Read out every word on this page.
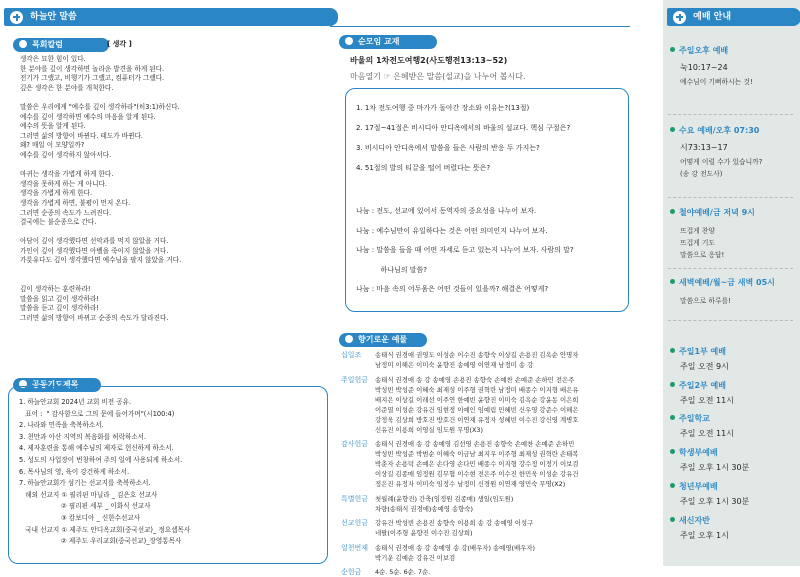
하늘안 말씀
목회칼럼	[ 생각 ]
생각은 묘한 힘이 있다.
한 분야를 깊이 생각하면 놀라운 발견을 하게 된다.
전기가 그랬고, 비행기가 그랬고, 컴퓨터가 그랬다.
깊은 생각은 한 분야를 개척한다.
말씀은 우리에게 "예수를 깊이 생각하라"(히3:1)하신다.
예수를 깊이 생각하면 예수의 마음을 알게 된다.
예수의 뜻을 알게 된다.
그러면 삶의 방향이 바뀐다. 태도가 바뀐다.
왜? 매일 이 모양일까?
예수를 깊이 생각하지 않아서다.
마귀는 생각을 가볍게 하게 한다.
생각을 못하게 하는 게 아니다.
생각을 가볍게 하게 한다.
생각을 가볍게 하면, 불평이 먼저 온다.
그러면 순종의 속도가 느려진다.
결국에는 불순종으로 간다.
아담이 깊이 생각했다면 선악과를 먹지 않았을 거다.
가인이 깊이 생각했다면 아벨을 죽이지 않았을 거다.
가룟유다도 깊이 생각했다면 예수님을 팔지 않았을 거다.
깊이 생각하는 훈련하라!
말씀을 읽고 깊이 생각하라!
말씀을 듣고 깊이 생각하라!
그러면 삶의 방향이 바뀌고 순종의 속도가 달라진다.
공동기도제목
1. 하늘안교회 2024년 교회 비전 공유.
표어 :  " 감사함으로 그의 문에 들어가며"(시100:4)
2. 나라와 민족을 축복하소서.
3. 천만과 아산 지역의 복음화를 허락하소서.
4. 제자훈련을 통해 예수님의 제자로 헌신하게 하소서.
5. 성도의 사업장이 번창하여 주의 일에 사용되게 하소서.
6. 목사님의 영, 육이 강건하게 하소서.
7. 하늘안교회가 섬기는 선교지를 축복하소서.
해외 선교지 ① 필리핀 마닐라 _ 김은호 선교사
② 필리핀 세부 _ 이화식 선교사
③ 캄보디아 _ 신한수선교사
국내 선교지 ① 제주도 안디옥교회(중국선교)_ 정요셉목사
② 제주도 우리교회(중국선교)_장영통목사
순모임 교재
바울의 1차전도여행2(사도행전13:13~52)
마음열기 ☞ 은혜받은 말씀(설교)을 나누어 봅시다.
1. 1차 전도여행 중 마가가 돌아간 장소와 이유는?(13절)
2. 17절~41절은 비시디아 안디옥에서의 바울의 설교다. 핵심 구절은?
3. 비시디아 안디옥에서 말씀을 들은 사람의 반응 두 가지는?
4. 51절의 발의 티끌을 떨어 버렸다는 뜻은?
나눔 : 전도, 선교에 있어서 동역자의 중요성을 나누어 보자.
나눔 : 예수님만이 유일하다는 것은 어떤 의미인지 나누어 보자.
나눔 : 말씀을 들을 때 어떤 자세로 듣고 있는지 나누어 보자. 사람의 말?
하나님의 말씀?
나눔 : 마음 속의 어두움은 어떤 것들이 있을까? 해결은 어떻게?
향기로운 예물
십일조 송태식 권경애 권영도 이성순 이수진 송향숙 이상길 손용진 김옥순 안명자
남정미 이해은 이미숙 윤향진 송예영 이연재 남정미 송 강
주일헌금 송태식 권경애 송 강 송예영 손용진 송향숙 손예찬 손예준 손하민 전은주
박성빈 박성준 이혜숙 최재성 이주형 권혁란 남정미 배종수 이지형 배은유
배지은 이상길 이래선 이주연 한예빈 윤향진 이미숙 김옥순 강윤동 이은희
이준열 이성순 강유건 임현정 이예인 임예림 민혜빈 신우영 강준수 이해은
강정욱 김상희 방호진 방호건 이연재 유정자 성혜빈 이수진 강신영 계병호
신유진 이용희 이영실 임도원 무명(X3)
감사헌금 송태식 권경애 송 강 송예영 김선영 손용진 송향숙 손예찬 손예준 손하민
박성빈 박성준 박범순 이혜숙 이금남 최지우 이주형 최재성 권혁란 손태복
박춘자 손용덕 손예은 손다영 손다민 배종수 이지형 강수정 이정기 이보검
이상길 김종매 임정원 김무협 이수현 전은주 이수진 한민욱 이성순 강유건
정은진 유정자 이미숙 임정수 남정미 신경원 이연재 영민숙 무명(X2)
특별헌금 첫월례(윤향진) 간축(임정원 김종매) 생일(임도원)
차량(송태식 권경애)송예영 송향숙)
선교헌금 강유건 박성빈 손용진 송향숙 이용희 송 강 송예영 이성구
네팔(이주형 윤향진 이수진 김상희)
일천번제 송태식 권경애 송 강 송예영 송 강(배우자) 송예영(배우자)
박기운 김예순 강유건 이보검
순헌금 4순. 5순. 6순. 7순.
예배 안내
주일오후 예배
눅10:17~24
예수님이 기뻐하시는 것!
수요 예배/오후 07:30
시73:13~17
어떻게 이럴 수가 있습니까?
(송 강 전도사)
철야예배/금 저녁 9시
뜨겁게 찬양
뜨겁게 기도
말씀으로 응답!
새벽예배/월~금 새벽 05시
말씀으로 하루를!
주일1부 예배
주일 오전 9시
주일2부 예배
주일 오전 11시
주일학교
주일 오전 11시
학생부예배
주일 오후 1시 30분
청년부예배
주일 오후 1시 30분
새신자반
주일 오후 1시
